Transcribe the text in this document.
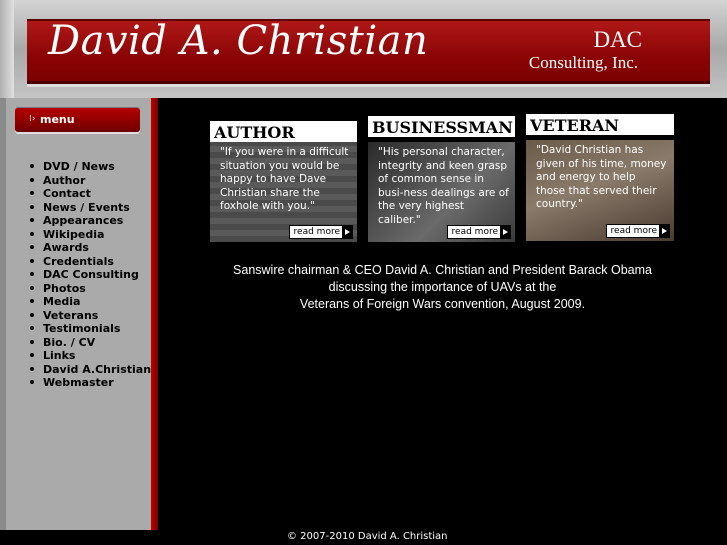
David A. Christian	DAC
Consulting, Inc.
⁞› menu
DVD / News
Author
Contact
News / Events
Appearances
Wikipedia
Awards
Credentials
DAC Consulting
Photos
Media
Veterans
Testimonials
Bio. / CV
Links
David A.Christian
Webmaster
AUTHOR
"If you were in a difficult situation you would be happy to have Dave Christian share the foxhole with you."
read more
BUSINESSMAN
"His personal character, integrity and keen grasp of common sense in busi-ness dealings are of the very highest caliber."
read more
VETERAN
"David Christian has given of his time, money and energy to help those that served their country."
read more
Sanswire chairman & CEO David A. Christian and President Barack Obama
discussing the importance of UAVs at the
Veterans of Foreign Wars convention, August 2009.
© 2007-2010 David A. Christian
